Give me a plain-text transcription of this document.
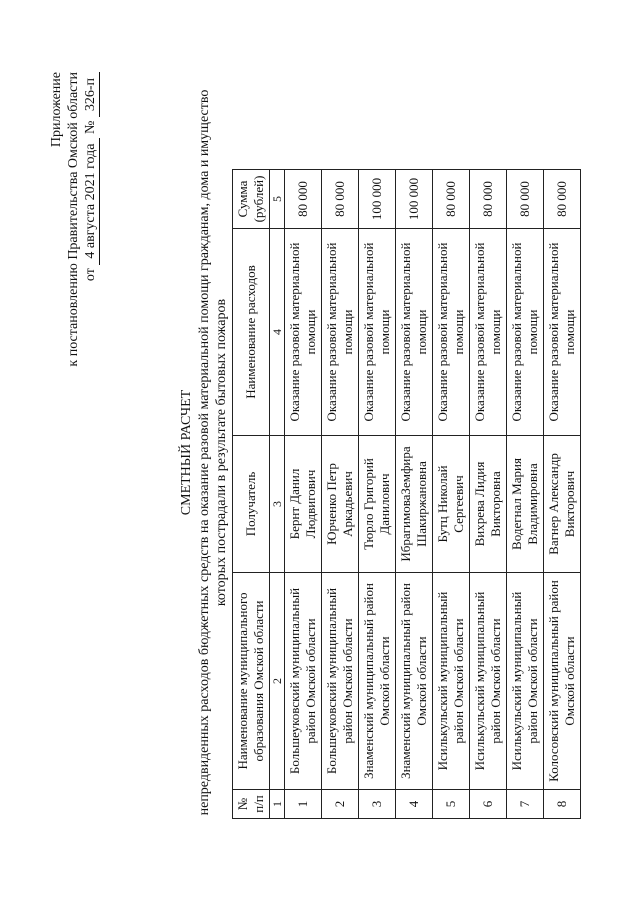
Приложение к постановлению Правительства Омской области от 4 августа 2021 года № 326-п
СМЕТНЫЙ РАСЧЕТ непредвиденных расходов бюджетных средств на оказание разовой материальной помощи гражданам, дома и имущество которых пострадали в результате бытовых пожаров
№ п/п	Наименование муниципального образования Омской области	Получатель	Наименование расходов	Сумма (рублей)
1	2	3	4	5
1	Большеуковский муниципальный район Омской области	Бернт Данил Людвигович	Оказание разовой материальной помощи	80 000
2	Большеуковский муниципальный район Омской области	Юрченко Петр Аркадьевич	Оказание разовой материальной помощи	80 000
3	Знаменский муниципальный район Омской области	Тюрло Григорий Данилович	Оказание разовой материальной помощи	100 000
4	Знаменский муниципальный район Омской области	ИбрагимоваЗемфира Шакиржановна	Оказание разовой материальной помощи	100 000
5	Исилькульский муниципальный район Омской области	Бутц Николай Сергеевич	Оказание разовой материальной помощи	80 000
6	Исилькульский муниципальный район Омской области	Вихрева Лидия Викторовна	Оказание разовой материальной помощи	80 000
7	Исилькульский муниципальный район Омской области	Водегнал Мария Владимировна	Оказание разовой материальной помощи	80 000
8	Колосовский муниципальный район Омской области	Вагнер Александр Викторович	Оказание разовой материальной помощи	80 000
